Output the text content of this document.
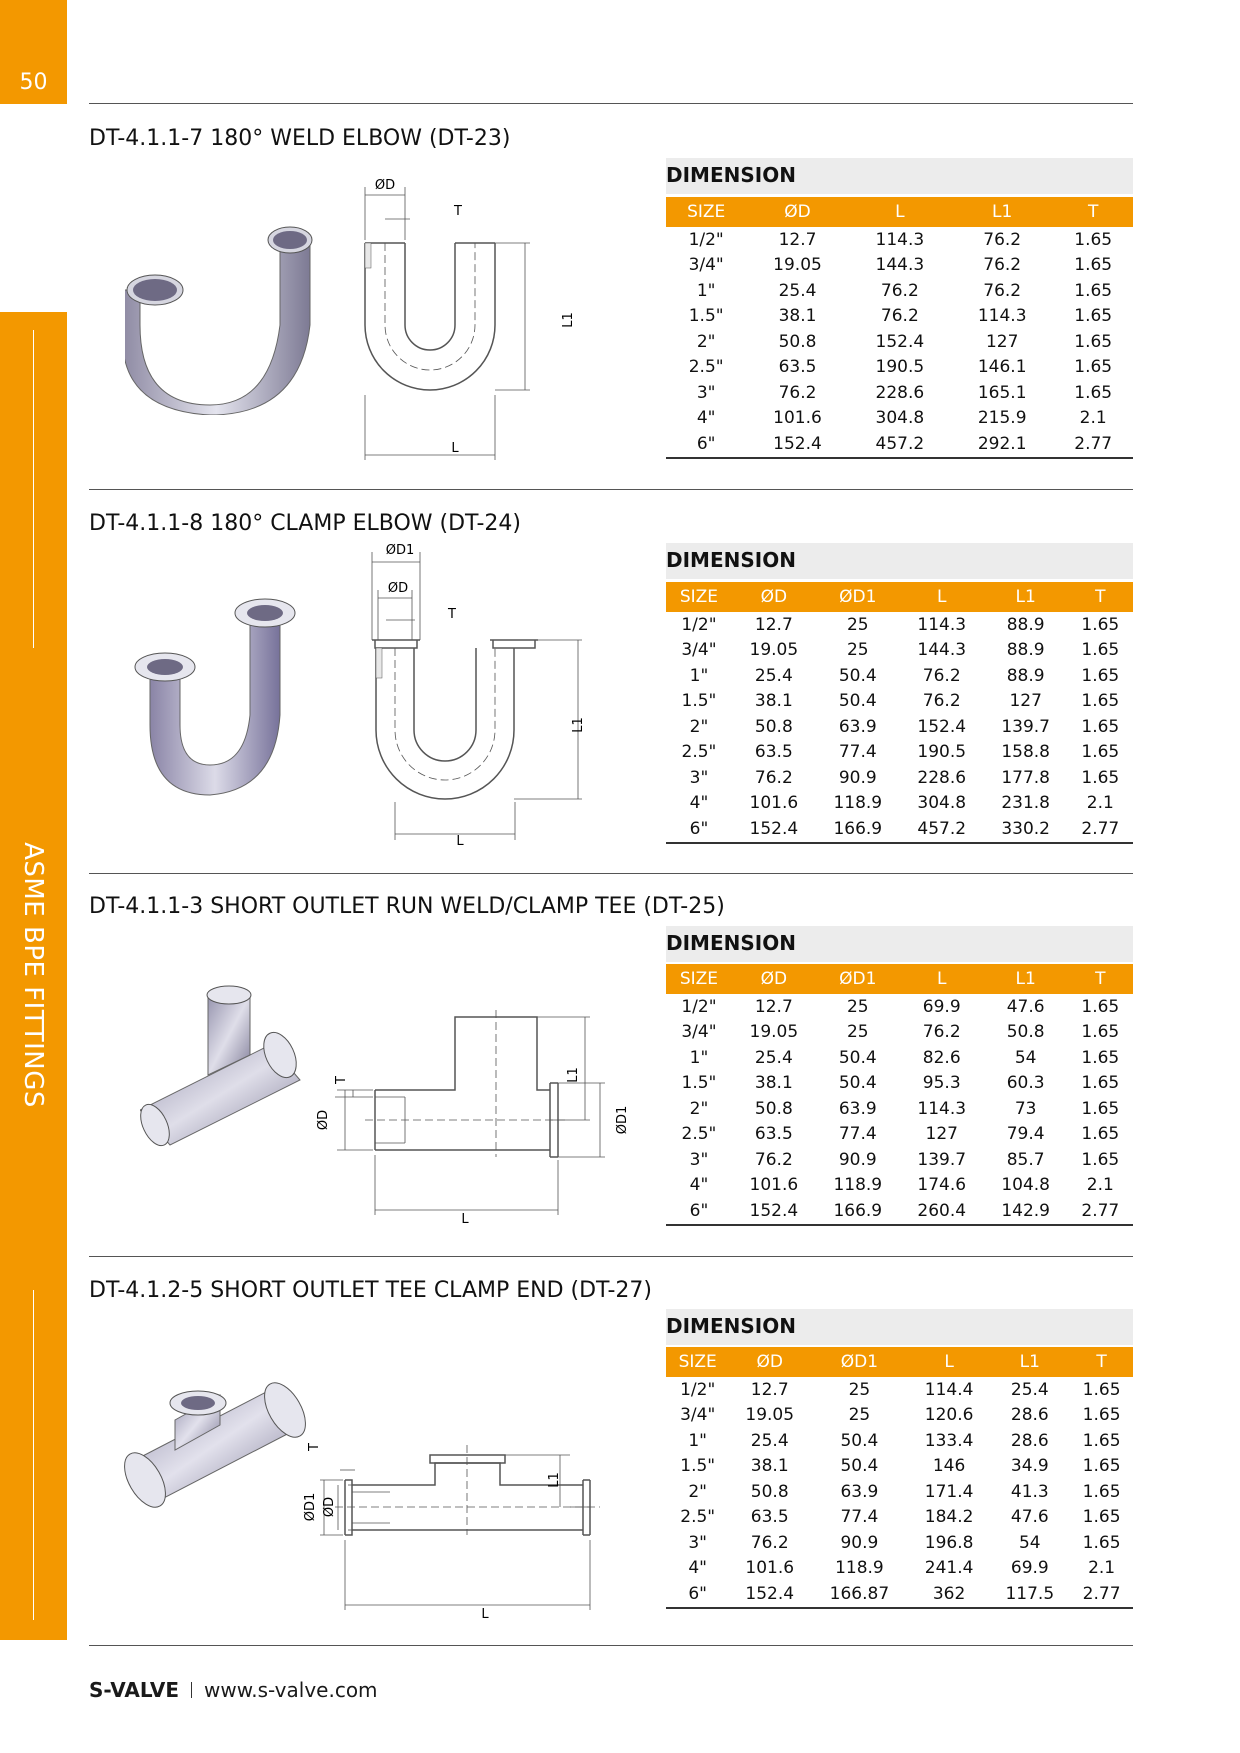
50
ASME BPE FITTINGS
DT-4.1.1-7 180° WELD ELBOW (DT-23)
ØD
T
L1
L
DIMENSION
SIZE	ØD	L	L1	T
1/2"	12.7	114.3	76.2	1.65
3/4"	19.05	144.3	76.2	1.65
1"	25.4	76.2	76.2	1.65
1.5"	38.1	76.2	114.3	1.65
2"	50.8	152.4	127	1.65
2.5"	63.5	190.5	146.1	1.65
3"	76.2	228.6	165.1	1.65
4"	101.6	304.8	215.9	2.1
6"	152.4	457.2	292.1	2.77
DT-4.1.1-8 180° CLAMP ELBOW (DT-24)
ØD1
ØD
T
L1
L
DIMENSION
SIZE	ØD	ØD1	L	L1	T
1/2"	12.7	25	114.3	88.9	1.65
3/4"	19.05	25	144.3	88.9	1.65
1"	25.4	50.4	76.2	88.9	1.65
1.5"	38.1	50.4	76.2	127	1.65
2"	50.8	63.9	152.4	139.7	1.65
2.5"	63.5	77.4	190.5	158.8	1.65
3"	76.2	90.9	228.6	177.8	1.65
4"	101.6	118.9	304.8	231.8	2.1
6"	152.4	166.9	457.2	330.2	2.77
DT-4.1.1-3 SHORT OUTLET RUN WELD/CLAMP TEE (DT-25)
T	L1
ØD	ØD1
L
DIMENSION
SIZE	ØD	ØD1	L	L1	T
1/2"	12.7	25	69.9	47.6	1.65
3/4"	19.05	25	76.2	50.8	1.65
1"	25.4	50.4	82.6	54	1.65
1.5"	38.1	50.4	95.3	60.3	1.65
2"	50.8	63.9	114.3	73	1.65
2.5"	63.5	77.4	127	79.4	1.65
3"	76.2	90.9	139.7	85.7	1.65
4"	101.6	118.9	174.6	104.8	2.1
6"	152.4	166.9	260.4	142.9	2.77
DT-4.1.2-5 SHORT OUTLET TEE CLAMP END (DT-27)
T
L1
ØD1 ØD
L
DIMENSION
SIZE	ØD	ØD1	L	L1	T
1/2"	12.7	25	114.4	25.4	1.65
3/4"	19.05	25	120.6	28.6	1.65
1"	25.4	50.4	133.4	28.6	1.65
1.5"	38.1	50.4	146	34.9	1.65
2"	50.8	63.9	171.4	41.3	1.65
2.5"	63.5	77.4	184.2	47.6	1.65
3"	76.2	90.9	196.8	54	1.65
4"	101.6	118.9	241.4	69.9	2.1
6"	152.4	166.87	362	117.5	2.77
S-VALVE www.s-valve.com
